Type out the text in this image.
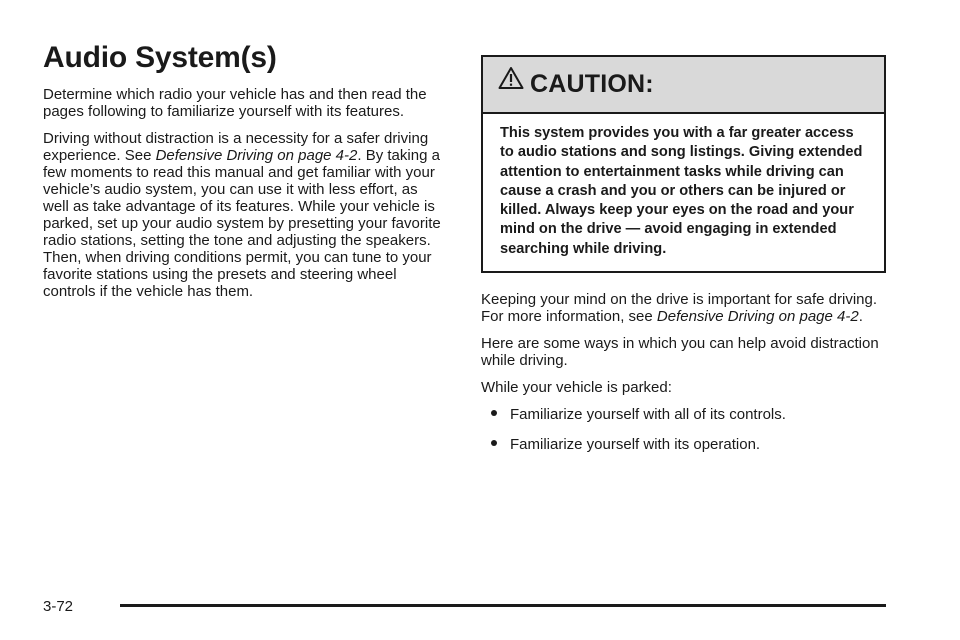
Audio System(s)

Determine which radio your vehicle has and then read the pages following to familiarize yourself with its features.

Driving without distraction is a necessity for a safer driving experience. See Defensive Driving on page 4-2. By taking a few moments to read this manual and get familiar with your vehicle’s audio system, you can use it with less effort, as well as take advantage of its features. While your vehicle is parked, set up your audio system by presetting your favorite radio stations, setting the tone and adjusting the speakers. Then, when driving conditions permit, you can tune to your favorite stations using the presets and steering wheel controls if the vehicle has them.

CAUTION:
This system provides you with a far greater access to audio stations and song listings. Giving extended attention to entertainment tasks while driving can cause a crash and you or others can be injured or killed. Always keep your eyes on the road and your mind on the drive — avoid engaging in extended searching while driving.

Keeping your mind on the drive is important for safe driving. For more information, see Defensive Driving on page 4-2.

Here are some ways in which you can help avoid distraction while driving.

While your vehicle is parked:

Familiarize yourself with all of its controls.
Familiarize yourself with its operation.
3-72
